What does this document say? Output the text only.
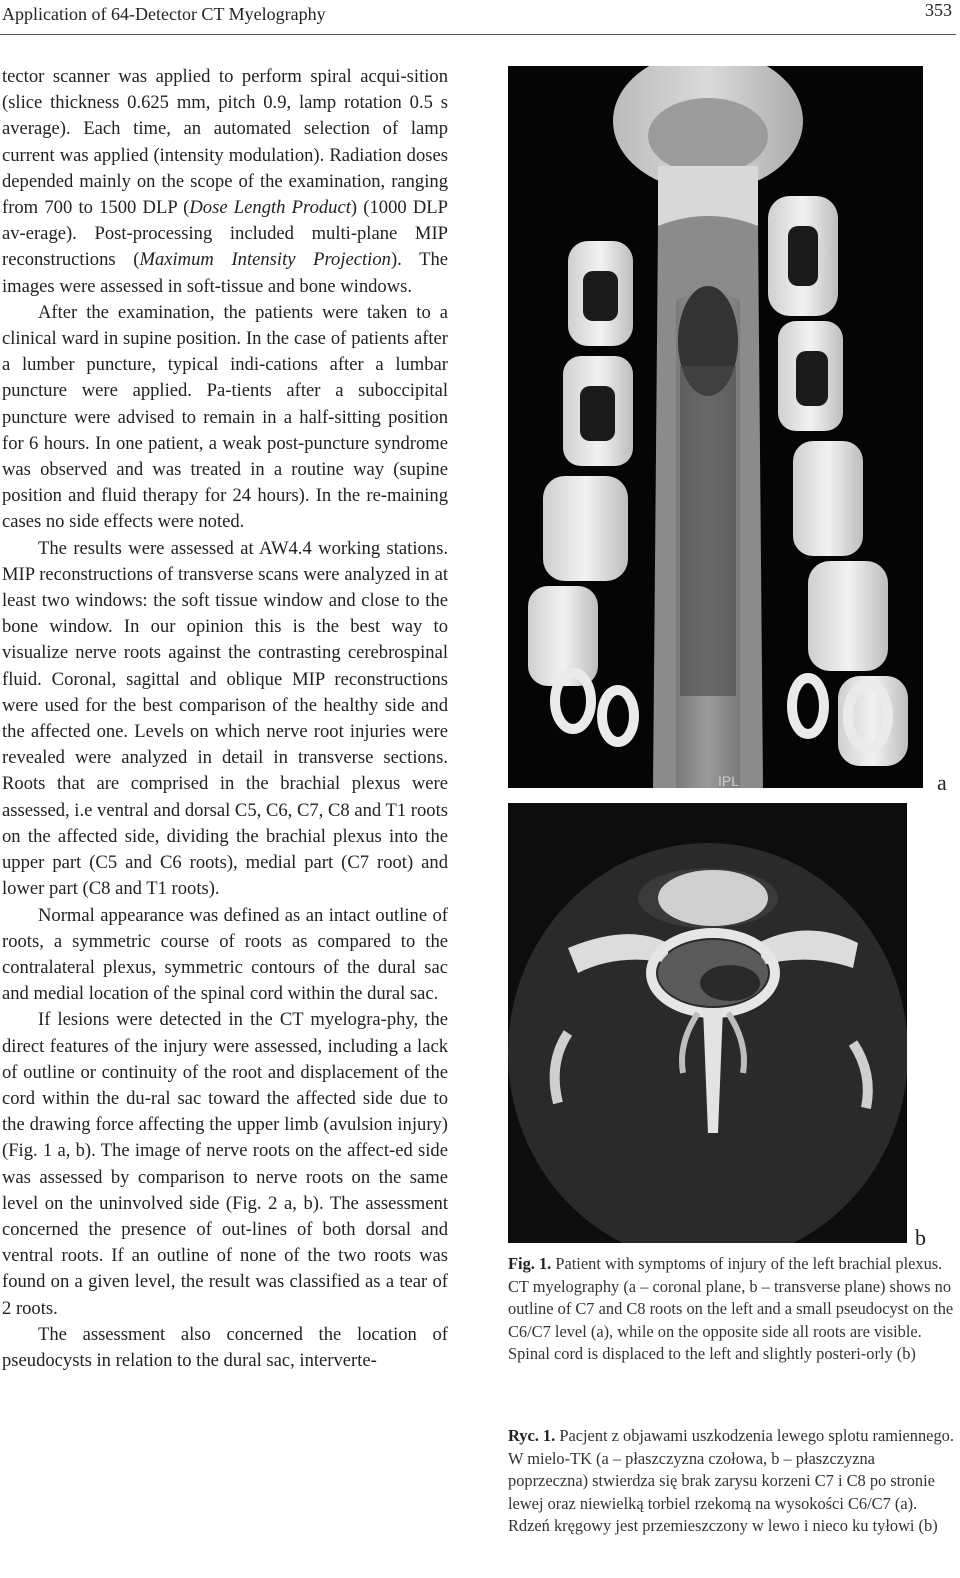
Application of 64-Detector CT Myelography	353

tector scanner was applied to perform spiral acqui-sition (slice thickness 0.625 mm, pitch 0.9, lamp rotation 0.5 s average). Each time, an automated selection of lamp current was applied (intensity modulation). Radiation doses depended mainly on the scope of the examination, ranging from 700 to 1500 DLP (Dose Length Product) (1000 DLP av-erage). Post-processing included multi-plane MIP reconstructions (Maximum Intensity Projection). The images were assessed in soft-tissue and bone windows.

After the examination, the patients were taken to a clinical ward in supine position. In the case of patients after a lumber puncture, typical indi-cations after a lumbar puncture were applied. Pa-tients after a suboccipital puncture were advised to remain in a half-sitting position for 6 hours. In one patient, a weak post-puncture syndrome was observed and was treated in a routine way (supine position and fluid therapy for 24 hours). In the re-maining cases no side effects were noted.

The results were assessed at AW4.4 working stations. MIP reconstructions of transverse scans were analyzed in at least two windows: the soft tissue window and close to the bone window. In our opinion this is the best way to visualize nerve roots against the contrasting cerebrospinal fluid. Coronal, sagittal and oblique MIP reconstructions were used for the best comparison of the healthy side and the affected one. Levels on which nerve root injuries were revealed were analyzed in detail in transverse sections. Roots that are comprised in the brachial plexus were assessed, i.e ventral and dorsal C5, C6, C7, C8 and T1 roots on the affected side, dividing the brachial plexus into the upper part (C5 and C6 roots), medial part (C7 root) and lower part (C8 and T1 roots).

Normal appearance was defined as an intact outline of roots, a symmetric course of roots as compared to the contralateral plexus, symmetric contours of the dural sac and medial location of the spinal cord within the dural sac.

If lesions were detected in the CT myelogra-phy, the direct features of the injury were assessed, including a lack of outline or continuity of the root and displacement of the cord within the du-ral sac toward the affected side due to the drawing force affecting the upper limb (avulsion injury) (Fig. 1 a, b). The image of nerve roots on the affect-ed side was assessed by comparison to nerve roots on the same level on the uninvolved side (Fig. 2 a, b). The assessment concerned the presence of out-lines of both dorsal and ventral roots. If an outline of none of the two roots was found on a given level, the result was classified as a tear of 2 roots.

The assessment also concerned the location of pseudocysts in relation to the dural sac, interverte-

IPL	a
b
Fig. 1. Patient with symptoms of injury of the left brachial plexus. CT myelography (a – coronal plane, b – transverse plane) shows no outline of C7 and C8 roots on the left and a small pseudocyst on the C6/C7 level (a), while on the opposite side all roots are visible. Spinal cord is displaced to the left and slightly posteri-orly (b)
Ryc. 1. Pacjent z objawami uszkodzenia lewego splotu ramiennego. W mielo-TK (a – płaszczyzna czołowa, b – płaszczyzna poprzeczna) stwierdza się brak zarysu korzeni C7 i C8 po stronie lewej oraz niewielką torbiel rzekomą na wysokości C6/C7 (a). Rdzeń kręgowy jest przemieszczony w lewo i nieco ku tyłowi (b)
